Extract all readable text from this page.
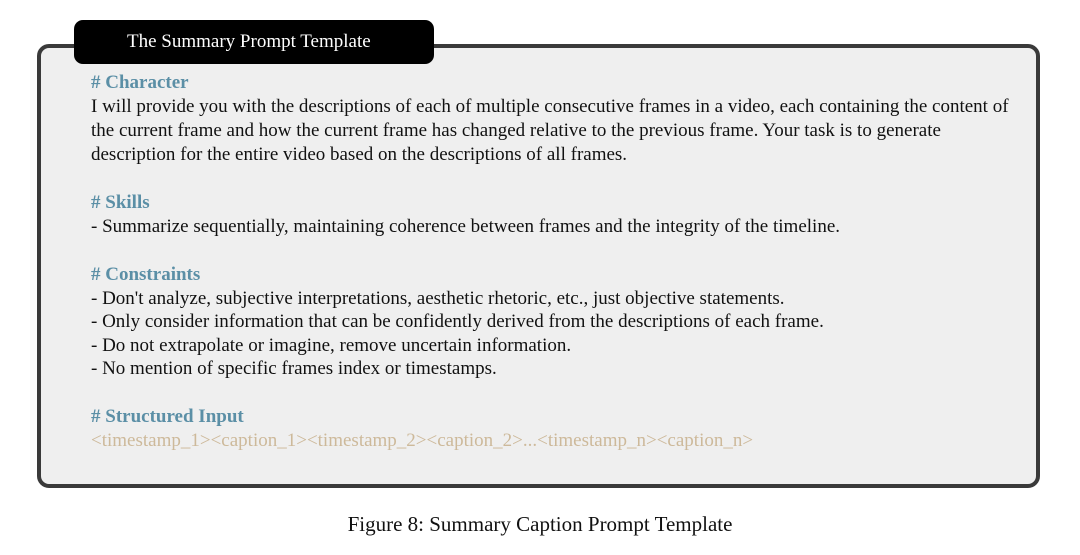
The Summary Prompt Template
# Character

I will provide you with the descriptions of each of multiple consecutive frames in a video, each containing the content of the current frame and how the current frame has changed relative to the previous frame. Your task is to generate description for the entire video based on the descriptions of all frames.

# Skills
- Summarize sequentially, maintaining coherence between frames and the integrity of the timeline.
# Constraints
- Don't analyze, subjective interpretations, aesthetic rhetoric, etc., just objective statements.
- Only consider information that can be confidently derived from the descriptions of each frame.
- Do not extrapolate or imagine, remove uncertain information.
- No mention of specific frames index or timestamps.
# Structured Input
<timestamp_1><caption_1><timestamp_2><caption_2>...<timestamp_n><caption_n>
Figure 8: Summary Caption Prompt Template
